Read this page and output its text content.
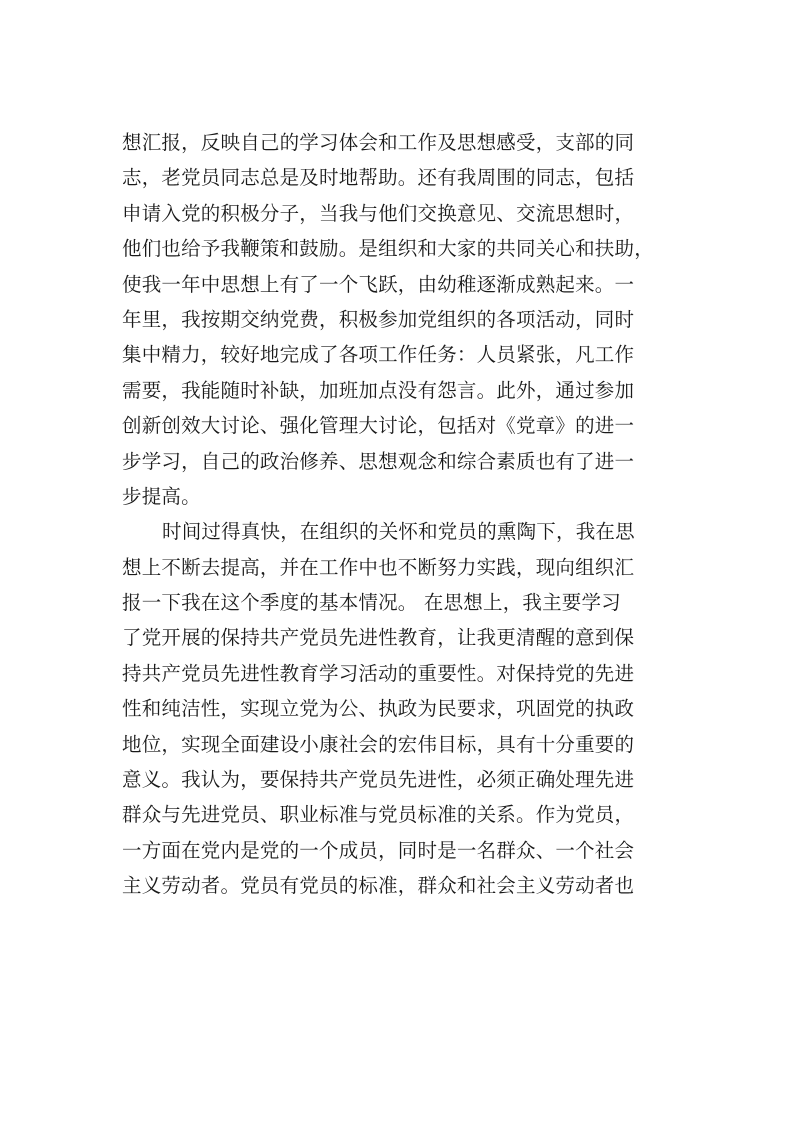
想汇报，反映自己的学习体会和工作及思想感受，支部的同
志，老党员同志总是及时地帮助。还有我周围的同志，包括
申请入党的积极分子，当我与他们交换意见、交流思想时，
他们也给予我鞭策和鼓励。是组织和大家的共同关心和扶助，
使我一年中思想上有了一个飞跃，由幼稚逐渐成熟起来。一
年里，我按期交纳党费，积极参加党组织的各项活动，同时
集中精力，较好地完成了各项工作任务：人员紧张，凡工作
需要，我能随时补缺，加班加点没有怨言。此外，通过参加
创新创效大讨论、强化管理大讨论，包括对《党章》的进一
步学习，自己的政治修养、思想观念和综合素质也有了进一
步提高。
时间过得真快，在组织的关怀和党员的熏陶下，我在思
想上不断去提高，并在工作中也不断努力实践，现向组织汇
报一下我在这个季度的基本情况。 在思想上，我主要学习
了党开展的保持共产党员先进性教育，让我更清醒的意到保
持共产党员先进性教育学习活动的重要性。对保持党的先进
性和纯洁性，实现立党为公、执政为民要求，巩固党的执政
地位，实现全面建设小康社会的宏伟目标，具有十分重要的
意义。我认为，要保持共产党员先进性，必须正确处理先进
群众与先进党员、职业标准与党员标准的关系。作为党员，
一方面在党内是党的一个成员，同时是一名群众、一个社会
主义劳动者。党员有党员的标准，群众和社会主义劳动者也
